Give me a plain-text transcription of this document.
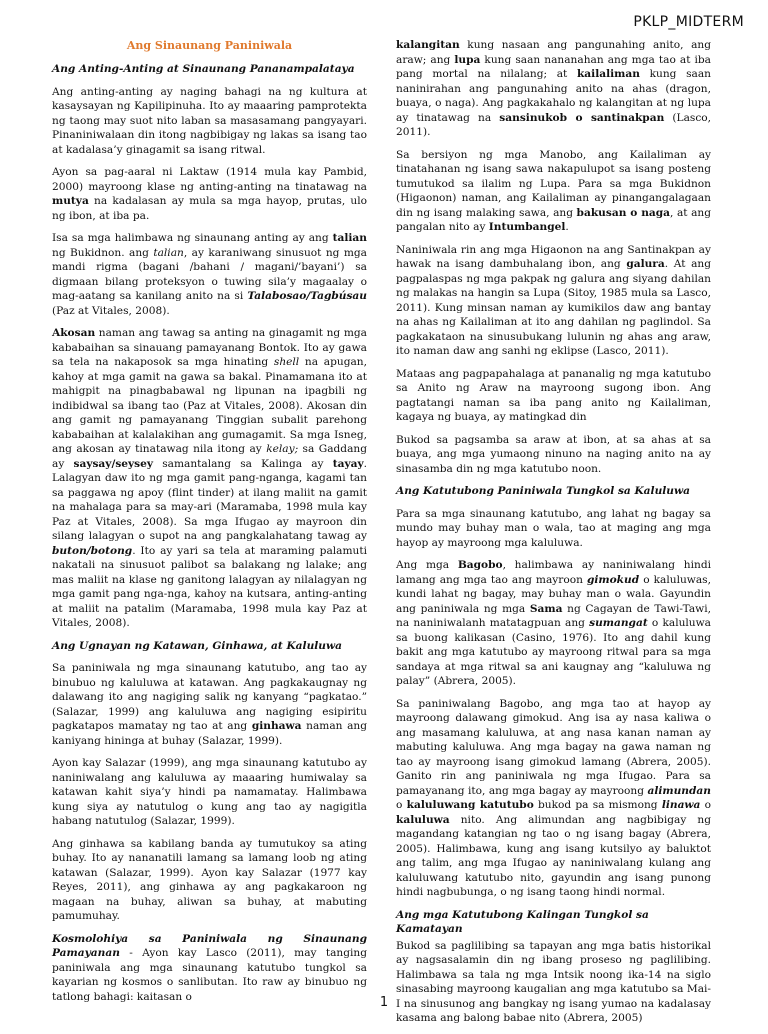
PKLP_MIDTERM
Ang Sinaunang Paniniwala
Ang Anting-Anting at Sinaunang Pananampalataya

Ang anting-anting ay naging bahagi na ng kultura at kasaysayan ng Kapilipinuha. Ito ay maaaring pamprotekta ng taong may suot nito laban sa masasamang pangyayari. Pinaniniwalaan din itong nagbibigay ng lakas sa isang tao at kadalasa’y ginagamit sa isang ritwal.

Ayon sa pag-aaral ni Laktaw (1914 mula kay Pambid, 2000) mayroong klase ng anting-anting na tinatawag na mutya na kadalasan ay mula sa mga hayop, prutas, ulo ng ibon, at iba pa.

Isa sa mga halimbawa ng sinaunang anting ay ang talian ng Bukidnon. ang talian, ay karaniwang sinusuot ng mga mandi rigma (bagani /bahani / magani/’bayani’) sa digmaan bilang proteksyon o tuwing sila’y magaalay o mag-aatang sa kanilang anito na si Talabosao/Tagbúsau (Paz at Vitales, 2008).

Akosan naman ang tawag sa anting na ginagamit ng mga kababaihan sa sinauang pamayanang Bontok. Ito ay gawa sa tela na nakaposok sa mga hinating shell na apugan, kahoy at mga gamit na gawa sa bakal. Pinamamana ito at mahigpit na pinagbabawal ng lipunan na ipagbili ng indibidwal sa ibang tao (Paz at Vitales, 2008). Akosan din ang gamit ng pamayanang Tinggian subalit parehong kababaihan at kalalakihan ang gumagamit. Sa mga Isneg, ang akosan ay tinatawag nila itong ay kelay; sa Gaddang ay saysay/seysey samantalang sa Kalinga ay tayay. Lalagyan daw ito ng mga gamit pang-nganga, kagami tan sa paggawa ng apoy (flint tinder) at ilang maliit na gamit na mahalaga para sa may-ari (Maramaba, 1998 mula kay Paz at Vitales, 2008). Sa mga Ifugao ay mayroon din silang lalagyan o supot na ang pangkalahatang tawag ay buton/botong. Ito ay yari sa tela at maraming palamuti nakatali na sinusuot palibot sa balakang ng lalake; ang mas maliit na klase ng ganitong lalagyan ay nilalagyan ng mga gamit pang nga-nga, kahoy na kutsara, anting-anting at maliit na patalim (Maramaba, 1998 mula kay Paz at Vitales, 2008).

Ang Ugnayan ng Katawan, Ginhawa, at Kaluluwa

Sa paniniwala ng mga sinaunang katutubo, ang tao ay binubuo ng kaluluwa at katawan. Ang pagkakaugnay ng dalawang ito ang nagiging salik ng kanyang “pagkatao.” (Salazar, 1999) ang kaluluwa ang nagiging esipiritu pagkatapos mamatay ng tao at ang ginhawa naman ang kaniyang hininga at buhay (Salazar, 1999).

Ayon kay Salazar (1999), ang mga sinaunang katutubo ay naniniwalang ang kaluluwa ay maaaring humiwalay sa katawan kahit siya’y hindi pa namamatay. Halimbawa kung siya ay natutulog o kung ang tao ay nagigitla habang natutulog (Salazar, 1999).

Ang ginhawa sa kabilang banda ay tumutukoy sa ating buhay. Ito ay nananatili lamang sa lamang loob ng ating katawan (Salazar, 1999). Ayon kay Salazar (1977 kay Reyes, 2011), ang ginhawa ay ang pagkakaroon ng magaan na buhay, aliwan sa buhay, at mabuting pamumuhay.

Kosmolohiya sa Paniniwala ng Sinaunang Pamayanan - Ayon kay Lasco (2011), may tanging paniniwala ang mga sinaunang katutubo tungkol sa kayarian ng kosmos o sanlibutan. Ito raw ay binubuo ng tatlong bahagi: kaitasan o

kalangitan kung nasaan ang pangunahing anito, ang araw; ang lupa kung saan nananahan ang mga tao at iba pang mortal na nilalang; at kailaliman kung saan naninirahan ang pangunahing anito na ahas (dragon, buaya, o naga). Ang pagkakahalo ng kalangitan at ng lupa ay tinatawag na sansinukob o santinakpan (Lasco, 2011).

Sa bersiyon ng mga Manobo, ang Kailaliman ay tinatahanan ng isang sawa nakapulupot sa isang posteng tumutukod sa ilalim ng Lupa. Para sa mga Bukidnon (Higaonon) naman, ang Kailaliman ay pinangangalagaan din ng isang malaking sawa, ang bakusan o naga, at ang pangalan nito ay Intumbangel.

Naniniwala rin ang mga Higaonon na ang Santinakpan ay hawak na isang dambuhalang ibon, ang galura. At ang pagpalaspas ng mga pakpak ng galura ang siyang dahilan ng malakas na hangin sa Lupa (Sitoy, 1985 mula sa Lasco, 2011). Kung minsan naman ay kumikilos daw ang bantay na ahas ng Kailaliman at ito ang dahilan ng paglindol. Sa pagkakataon na sinusubukang lulunin ng ahas ang araw, ito naman daw ang sanhi ng eklipse (Lasco, 2011).

Mataas ang pagpapahalaga at pananalig ng mga katutubo sa Anito ng Araw na mayroong sugong ibon. Ang pagtatangi naman sa iba pang anito ng Kailaliman, kagaya ng buaya, ay matingkad din

Bukod sa pagsamba sa araw at ibon, at sa ahas at sa buaya, ang mga yumaong ninuno na naging anito na ay sinasamba din ng mga katutubo noon.

Ang Katutubong Paniniwala Tungkol sa Kaluluwa

Para sa mga sinaunang katutubo, ang lahat ng bagay sa mundo may buhay man o wala, tao at maging ang mga hayop ay mayroong mga kaluluwa.

Ang mga Bagobo, halimbawa ay naniniwalang hindi lamang ang mga tao ang mayroon gimokud o kaluluwas, kundi lahat ng bagay, may buhay man o wala. Gayundin ang paniniwala ng mga Sama ng Cagayan de Tawi-Tawi, na naniniwalanh matatagpuan ang sumangat o kaluluwa sa buong kalikasan (Casino, 1976). Ito ang dahil kung bakit ang mga katutubo ay mayroong ritwal para sa mga sandaya at mga ritwal sa ani kaugnay ang “kaluluwa ng palay” (Abrera, 2005).

Sa paniniwalang Bagobo, ang mga tao at hayop ay mayroong dalawang gimokud. Ang isa ay nasa kaliwa o ang masamang kaluluwa, at ang nasa kanan naman ay mabuting kaluluwa. Ang mga bagay na gawa naman ng tao ay mayroong isang gimokud lamang (Abrera, 2005). Ganito rin ang paniniwala ng mga Ifugao. Para sa pamayanang ito, ang mga bagay ay mayroong alimundan o kaluluwang katutubo bukod pa sa mismong linawa o kaluluwa nito. Ang alimundan ang nagbibigay ng magandang katangian ng tao o ng isang bagay (Abrera, 2005). Halimbawa, kung ang isang kutsilyo ay baluktot ang talim, ang mga Ifugao ay naniniwalang kulang ang kaluluwang katutubo nito, gayundin ang isang punong hindi nagbubunga, o ng isang taong hindi normal.

Ang mga Katutubong Kalingan Tungkol sa Kamatayan

Bukod sa paglilibing sa tapayan ang mga batis historikal ay nagsasalamin din ng ibang proseso ng paglilibing. Halimbawa sa tala ng mga Intsik noong ika-14 na siglo sinasabing mayroong kaugalian ang mga katutubo sa Mai-I na sinusunog ang bangkay ng isang yumao na kadalasay kasama ang balong babae nito (Abrera, 2005)

1
